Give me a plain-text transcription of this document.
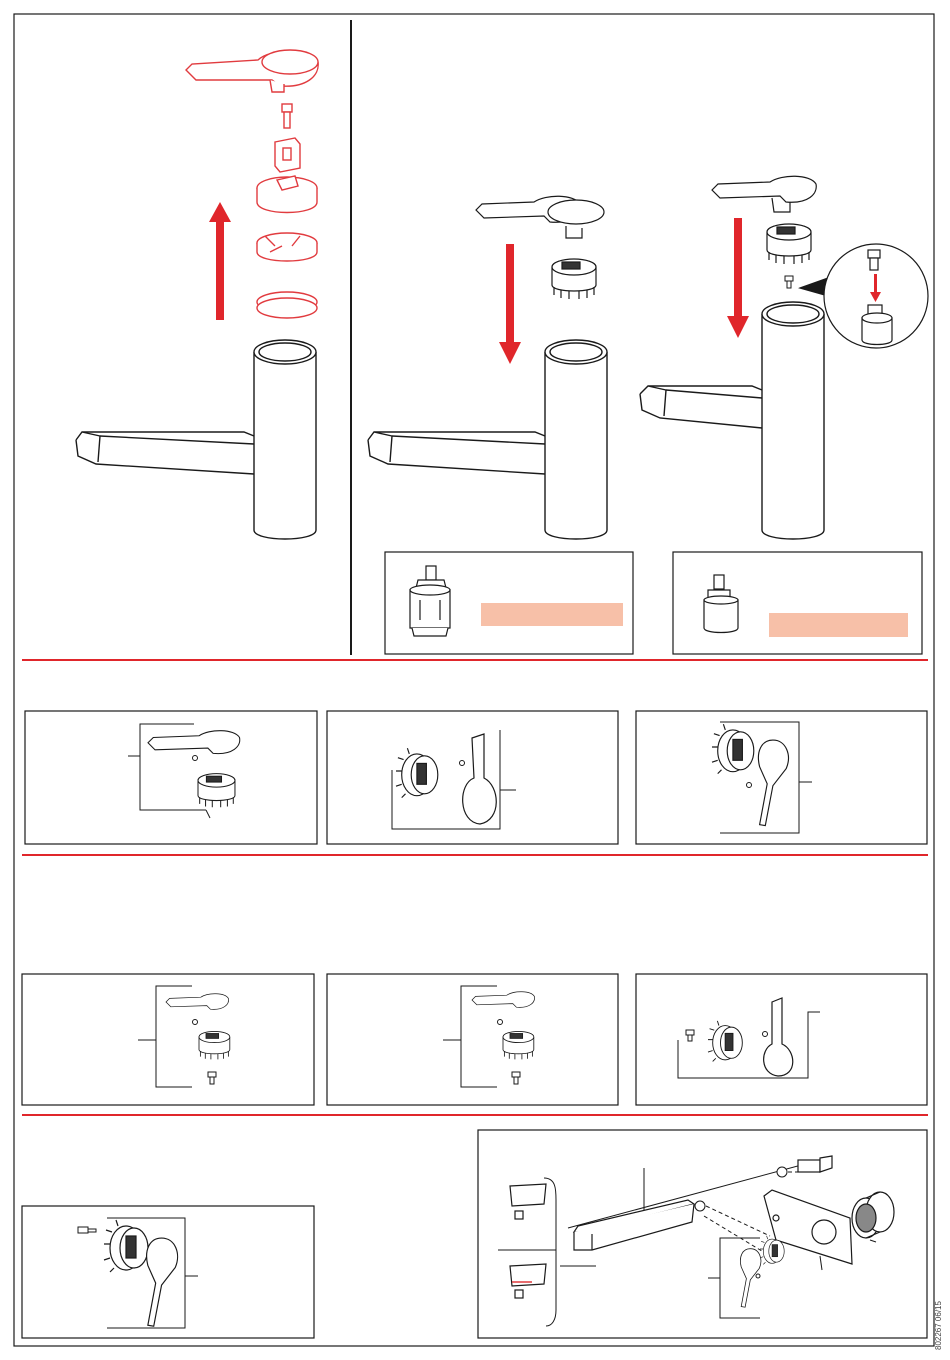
802267 06/15
